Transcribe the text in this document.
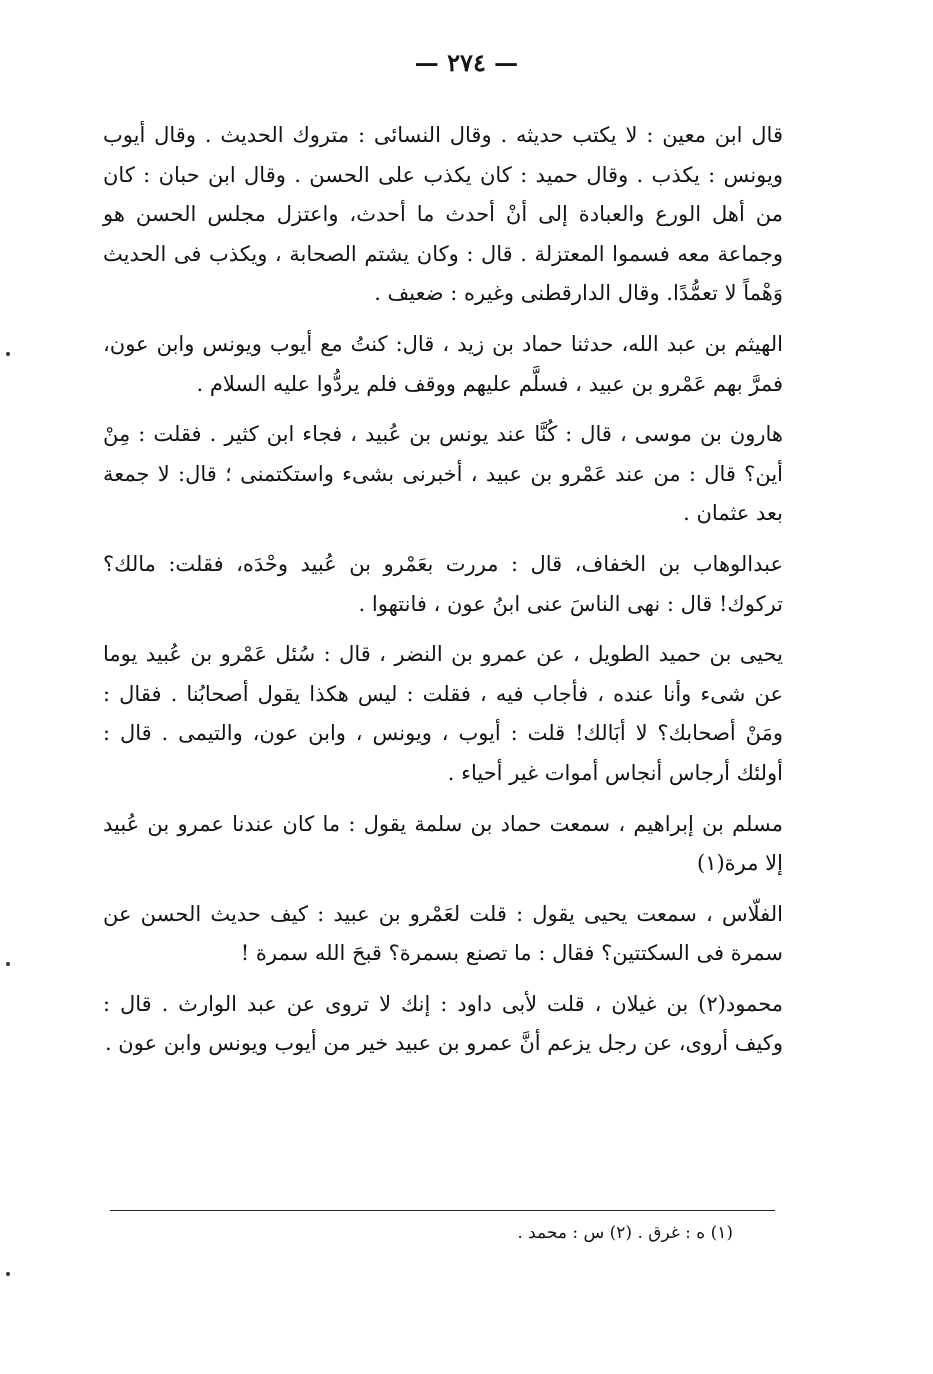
— ٢٧٤ —

قال ابن معين : لا يكتب حديثه . وقال النسائى : متروك الحديث . وقال أيوب ويونس : يكذب . وقال حميد : كان يكذب على الحسن . وقال ابن حبان : كان من أهل الورع والعبادة إلى أنْ أحدث ما أحدث، واعتزل مجلس الحسن هو وجماعة معه فسموا المعتزلة . قال : وكان يشتم الصحابة ، ويكذب فى الحديث وَهْماً لا تعمُّدًا. وقال الدارقطنى وغيره : ضعيف .

الهيثم بن عبد الله، حدثنا حماد بن زيد ، قال: كنتُ مع أيوب ويونس وابن عون، فمرَّ بهم عَمْرو بن عبيد ، فسلَّم عليهم ووقف فلم يردُّوا عليه السلام .

هارون بن موسى ، قال : كُنَّا عند يونس بن عُبيد ، فجاء ابن كثير . فقلت : مِنْ أين؟ قال : من عند عَمْرو بن عبيد ، أخبرنى بشىء واستكتمنى ؛ قال: لا جمعة بعد عثمان .

عبدالوهاب بن الخفاف، قال : مررت بعَمْرو بن عُبيد وحْدَه، فقلت: مالك؟ تركوك! قال : نهى الناسَ عنى ابنُ عون ، فانتهوا .

يحيى بن حميد الطويل ، عن عمرو بن النضر ، قال : سُئل عَمْرو بن عُبيد يوما عن شىء وأنا عنده ، فأجاب فيه ، فقلت : ليس هكذا يقول أصحابُنا . فقال : ومَنْ أصحابك؟ لا أبَالك! قلت : أيوب ، ويونس ، وابن عون، والتيمى . قال : أولئك أرجاس أنجاس أموات غير أحياء .

مسلم بن إبراهيم ، سمعت حماد بن سلمة يقول : ما كان عندنا عمرو بن عُبيد إلا مرة(١)

الفلّاس ، سمعت يحيى يقول : قلت لعَمْرو بن عبيد : كيف حديث الحسن عن سمرة فى السكتتين؟ فقال : ما تصنع بسمرة؟ قبحَ الله سمرة !

محمود(٢) بن غيلان ، قلت لأبى داود : إنك لا تروى عن عبد الوارث . قال : وكيف أروى، عن رجل يزعم أنَّ عمرو بن عبيد خير من أيوب ويونس وابن عون .

(١) ه : غرق . (٢) س : محمد .
